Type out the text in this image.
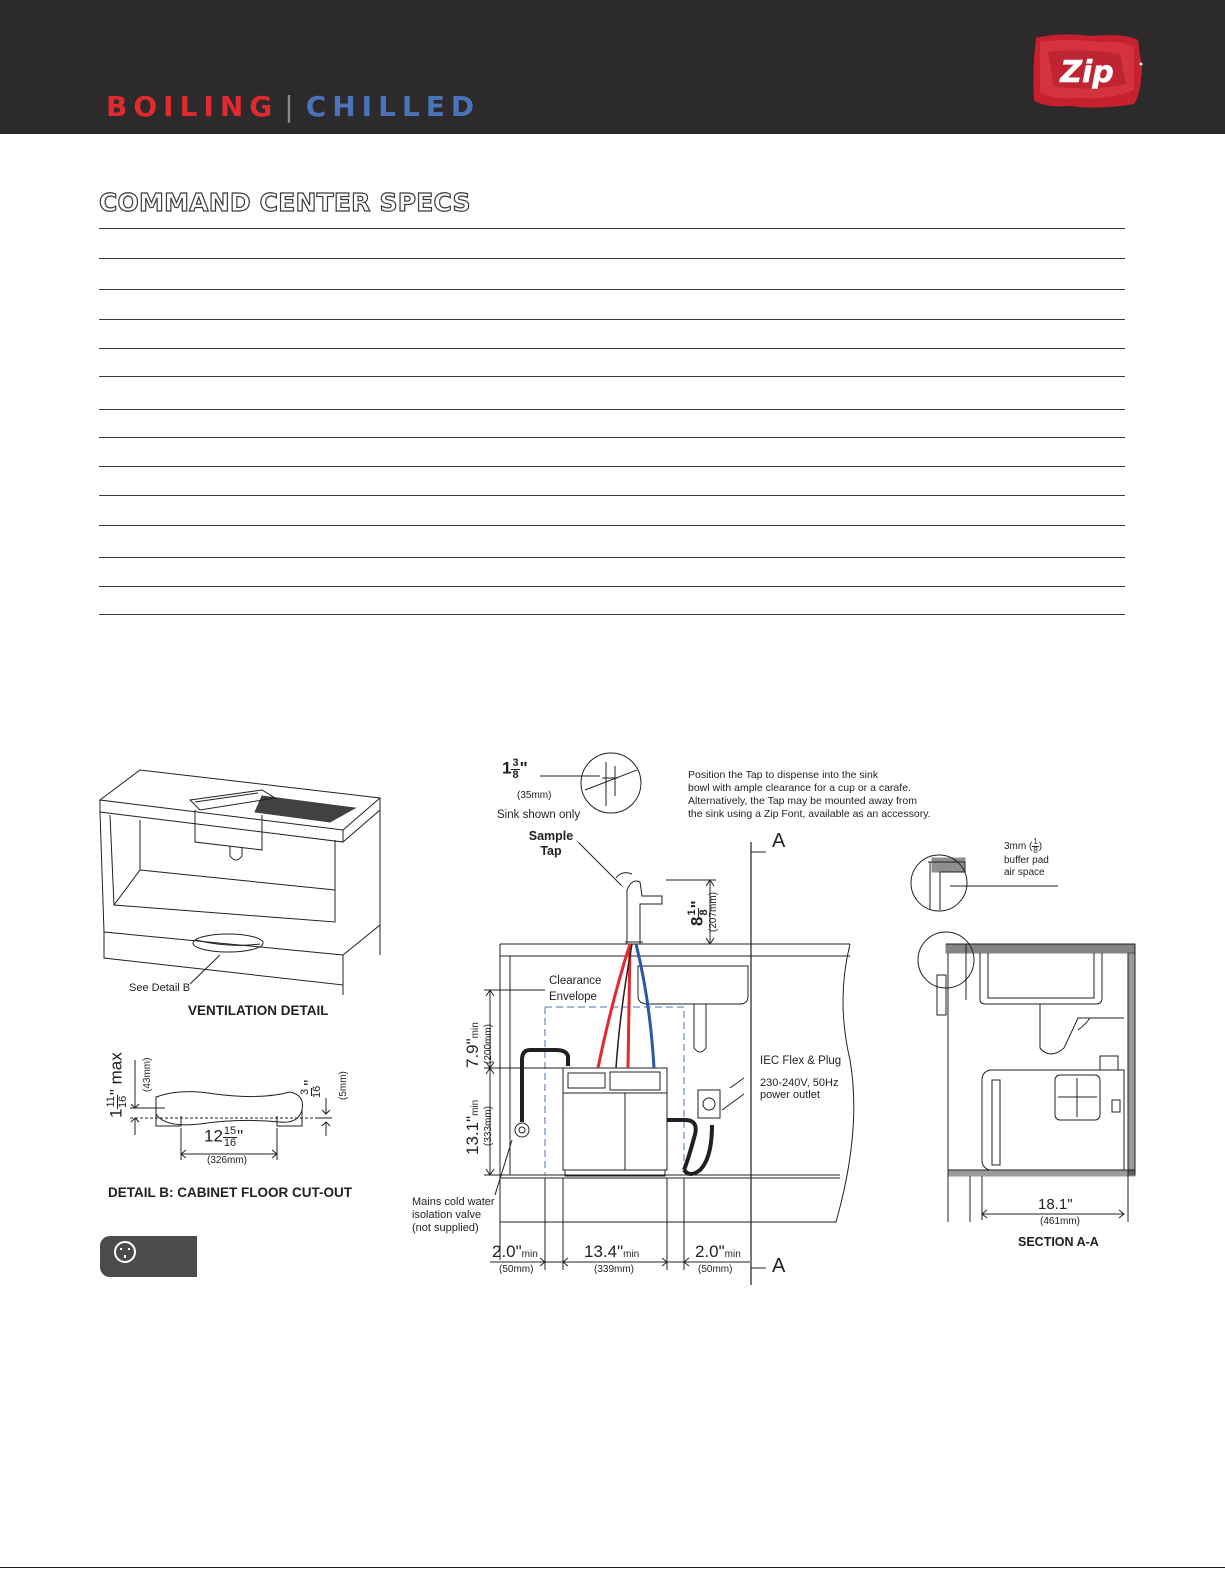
BOILING | CHILLED
Zip
COMMAND CENTER SPECS
See Detail B
VENTILATION DETAIL
1
11 16
" max	(43mm)	3 16
"	(5mm)
$12 \frac{15}{16}$ "
(326mm)
DETAIL B: CABINET FLOOR CUT-OUT
$1 \frac{3}{8}$ "
(35mm)
Sink shown only
Sample Tap
Position the Tap to dispense into the sink
bowl with ample clearance for a cup or a carafe.
Alternatively, the Tap may be mounted away from
the sink using a Zip Font, available as an accessory.
A
A
8
1 8
" (207mm)
Clearance Envelope
7.9"min (200mm)
13.1"min (333mm)
IEC Flex & Plug
230-240V, 50Hz
power outlet
Mains cold water
isolation valve
(not supplied)
2.0"min
(50mm)
13.4"min
(339mm)
2.0"min
(50mm)
3mm ( $\frac{1}{8}$ )
buffer pad
air space
18.1"
(461mm)
SECTION A-A
